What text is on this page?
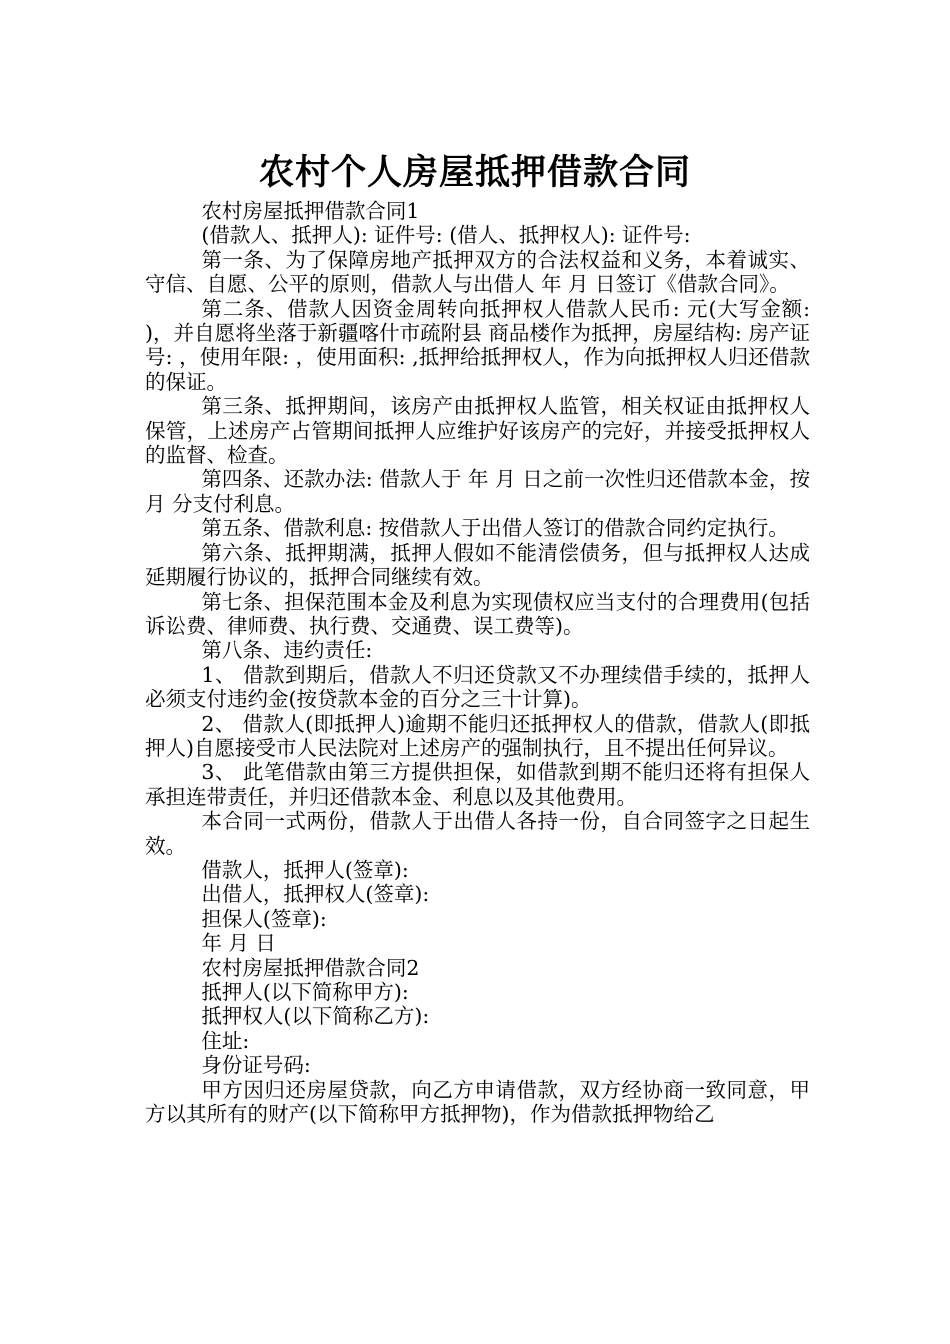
农村个人房屋抵押借款合同

农村房屋抵押借款合同1

(借款人、抵押人): 证件号: (借人、抵押权人): 证件号:

第一条、为了保障房地产抵押双方的合法权益和义务，本着诚实、守信、自愿、公平的原则，借款人与出借人 年 月 日签订《借款合同》。

第二条、借款人因资金周转向抵押权人借款人民币: 元(大写金额: )，并自愿将坐落于新疆喀什市疏附县 商品楼作为抵押，房屋结构: 房产证号: ，使用年限: ，使用面积: ,抵押给抵押权人，作为向抵押权人归还借款的保证。

第三条、抵押期间，该房产由抵押权人监管，相关权证由抵押权人保管，上述房产占管期间抵押人应维护好该房产的完好，并接受抵押权人的监督、检查。

第四条、还款办法: 借款人于 年 月 日之前一次性归还借款本金，按月 分支付利息。

第五条、借款利息: 按借款人于出借人签订的借款合同约定执行。

第六条、抵押期满，抵押人假如不能清偿债务，但与抵押权人达成延期履行协议的，抵押合同继续有效。

第七条、担保范围本金及利息为实现债权应当支付的合理费用(包括诉讼费、律师费、执行费、交通费、误工费等)。

第八条、违约责任:

1、 借款到期后，借款人不归还贷款又不办理续借手续的，抵押人必须支付违约金(按贷款本金的百分之三十计算)。

2、 借款人(即抵押人)逾期不能归还抵押权人的借款，借款人(即抵押人)自愿接受市人民法院对上述房产的强制执行，且不提出任何异议。

3、 此笔借款由第三方提供担保，如借款到期不能归还将有担保人承担连带责任，并归还借款本金、利息以及其他费用。

本合同一式两份，借款人于出借人各持一份，自合同签字之日起生效。

借款人，抵押人(签章):

出借人，抵押权人(签章):

担保人(签章):

年 月 日

农村房屋抵押借款合同2

抵押人(以下简称甲方):

抵押权人(以下简称乙方):

住址:

身份证号码:

甲方因归还房屋贷款，向乙方申请借款，双方经协商一致同意，甲方以其所有的财产(以下简称甲方抵押物)，作为借款抵押物给乙
